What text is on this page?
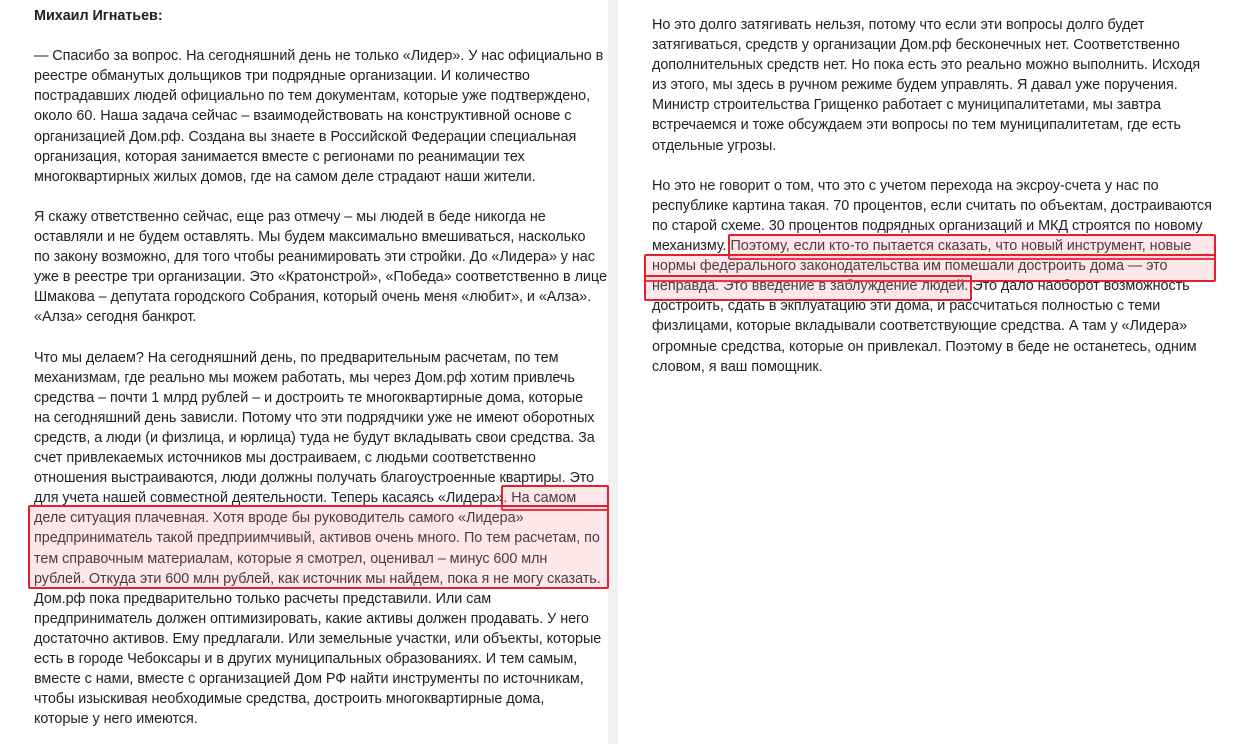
Михаил Игнатьев:
— Спасибо за вопрос. На сегодняшний день не только «Лидер». У нас официально в
реестре обманутых дольщиков три подрядные организации. И количество
пострадавших людей официально по тем документам, которые уже подтверждено,
около 60. Наша задача сейчас – взаимодействовать на конструктивной основе с
организацией Дом.рф. Создана вы знаете в Российской Федерации специальная
организация, которая занимается вместе с регионами по реанимации тех
многоквартирных жилых домов, где на самом деле страдают наши жители.
Я скажу ответственно сейчас, еще раз отмечу – мы людей в беде никогда не
оставляли и не будем оставлять. Мы будем максимально вмешиваться, насколько
по закону возможно, для того чтобы реанимировать эти стройки. До «Лидера» у нас
уже в реестре три организации. Это «Кратонстрой», «Победа» соответственно в лице
Шмакова – депутата городского Собрания, который очень меня «любит», и «Алза».
«Алза» сегодня банкрот.
Что мы делаем? На сегодняшний день, по предварительным расчетам, по тем
механизмам, где реально мы можем работать, мы через Дом.рф хотим привлечь
средства – почти 1 млрд рублей – и достроить те многоквартирные дома, которые
на сегодняшний день зависли. Потому что эти подрядчики уже не имеют оборотных
средств, а люди (и физлица, и юрлица) туда не будут вкладывать свои средства. За
счет привлекаемых источников мы достраиваем, с людьми соответственно
отношения выстраиваются, люди должны получать благоустроенные квартиры. Это
для учета нашей совместной деятельности. Теперь касаясь «Лидера». На самом
деле ситуация плачевная. Хотя вроде бы руководитель самого «Лидера»
предприниматель такой предприимчивый, активов очень много. По тем расчетам, по
тем справочным материалам, которые я смотрел, оценивал – минус 600 млн
рублей. Откуда эти 600 млн рублей, как источник мы найдем, пока я не могу сказать.
Дом.рф пока предварительно только расчеты представили. Или сам
предприниматель должен оптимизировать, какие активы должен продавать. У него
достаточно активов. Ему предлагали. Или земельные участки, или объекты, которые
есть в городе Чебоксары и в других муниципальных образованиях. И тем самым,
вместе с нами, вместе с организацией Дом РФ найти инструменты по источникам,
чтобы изыскивая необходимые средства, достроить многоквартирные дома,
которые у него имеются.
Но это долго затягивать нельзя, потому что если эти вопросы долго будет
затягиваться, средств у организации Дом.рф бесконечных нет. Соответственно
дополнительных средств нет. Но пока есть это реально можно выполнить. Исходя
из этого, мы здесь в ручном режиме будем управлять. Я давал уже поручения.
Министр строительства Грищенко работает с муниципалитетами, мы завтра
встречаемся и тоже обсуждаем эти вопросы по тем муниципалитетам, где есть
отдельные угрозы.
Но это не говорит о том, что это с учетом перехода на эксроу-счета у нас по
республике картина такая. 70 процентов, если считать по объектам, достраиваются
по старой схеме. 30 процентов подрядных организаций и МКД строятся по новому
механизму. Поэтому, если кто-то пытается сказать, что новый инструмент, новые
нормы федерального законодательства им помешали достроить дома — это
неправда. Это введение в заблуждение людей. Это дало наоборот возможность
достроить, сдать в экплуатацию эти дома, и рассчитаться полностью с теми
физлицами, которые вкладывали соответствующие средства. А там у «Лидера»
огромные средства, которые он привлекал. Поэтому в беде не останетесь, одним
словом, я ваш помощник.
